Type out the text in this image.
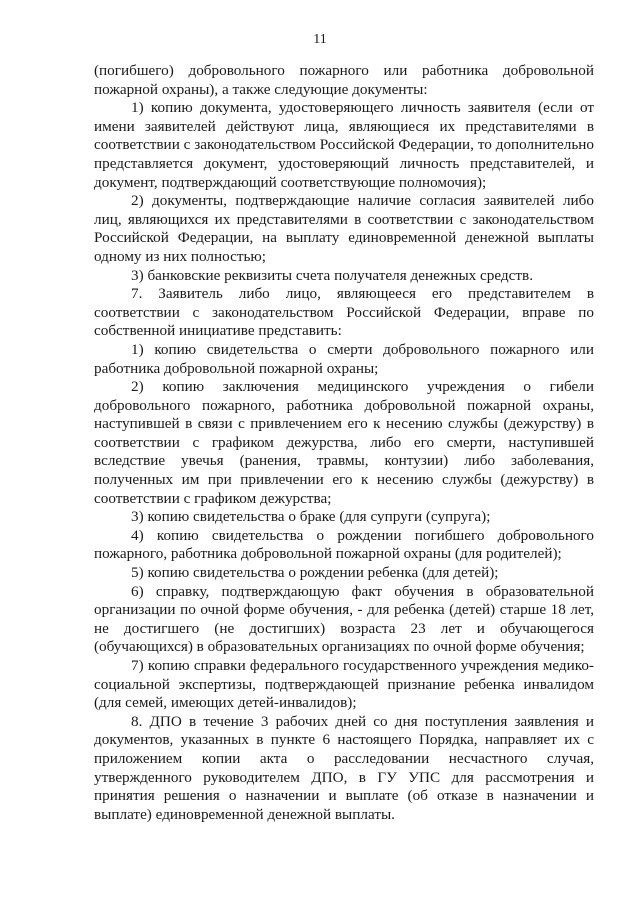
11

(погибшего) добровольного пожарного или работника добровольной пожарной охраны), а также следующие документы:

1) копию документа, удостоверяющего личность заявителя (если от имени заявителей действуют лица, являющиеся их представителями в соответствии с законодательством Российской Федерации, то дополнительно представляется документ, удостоверяющий личность представителей, и документ, подтверждающий соответствующие полномочия);

2) документы, подтверждающие наличие согласия заявителей либо лиц, являющихся их представителями в соответствии с законодательством Российской Федерации, на выплату единовременной денежной выплаты одному из них полностью;

3) банковские реквизиты счета получателя денежных средств.

7. Заявитель либо лицо, являющееся его представителем в соответствии с законодательством Российской Федерации, вправе по собственной инициативе представить:

1) копию свидетельства о смерти добровольного пожарного или работника добровольной пожарной охраны;

2) копию заключения медицинского учреждения о гибели добровольного пожарного, работника добровольной пожарной охраны, наступившей в связи с привлечением его к несению службы (дежурству) в соответствии с графиком дежурства, либо его смерти, наступившей вследствие увечья (ранения, травмы, контузии) либо заболевания, полученных им при привлечении его к несению службы (дежурству) в соответствии с графиком дежурства;

3) копию свидетельства о браке (для супруги (супруга);

4) копию свидетельства о рождении погибшего добровольного пожарного, работника добровольной пожарной охраны (для родителей);

5) копию свидетельства о рождении ребенка (для детей);

6) справку, подтверждающую факт обучения в образовательной организации по очной форме обучения, - для ребенка (детей) старше 18 лет, не достигшего (не достигших) возраста 23 лет и обучающегося (обучающихся) в образовательных организациях по очной форме обучения;

7) копию справки федерального государственного учреждения медико-социальной экспертизы, подтверждающей признание ребенка инвалидом (для семей, имеющих детей-инвалидов);

8. ДПО в течение 3 рабочих дней со дня поступления заявления и документов, указанных в пункте 6 настоящего Порядка, направляет их с приложением копии акта о расследовании несчастного случая, утвержденного руководителем ДПО, в ГУ УПС для рассмотрения и принятия решения о назначении и выплате (об отказе в назначении и выплате) единовременной денежной выплаты.
